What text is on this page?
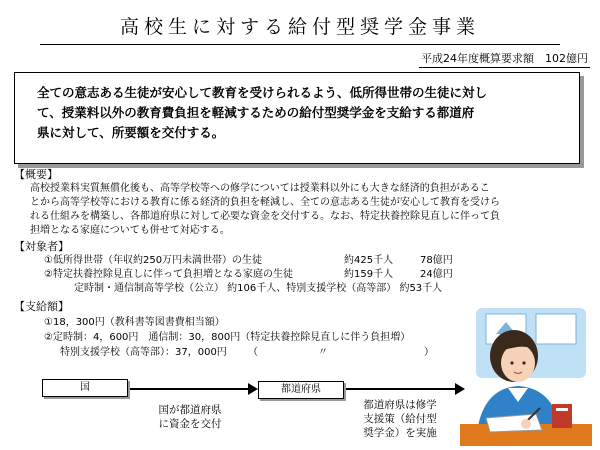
高校生に対する給付型奨学金事業
平成24年度概算要求額　102億円
全ての意志ある生徒が安心して教育を受けられるよう、低所得世帯の生徒に対し
て、授業料以外の教育費負担を軽減するための給付型奨学金を支給する都道府
県に対して、所要額を交付する。
【概要】
高校授業料実質無償化後も、高等学校等への修学については授業料以外にも大きな経済的負担があるこ
とから高等学校等における教育に係る経済的負担を軽減し、全ての意志ある生徒が安心して教育を受けら
れる仕組みを構築し、各都道府県に対して必要な資金を交付する。なお、特定扶養控除見直しに伴って負
担増となる家庭についても併せて対応する。
【対象者】
①低所得世帯（年収約250万円未満世帯）の生徒	約425千人	78億円
②特定扶養控除見直しに伴って負担増となる家庭の生徒	約159千人	24億円
定時制・通信制高等学校（公立） 約106千人、特別支援学校（高等部） 約53千人
【支給額】
①18，300円（教科書等図書費相当額）
②定時制：4，600円　通信制：30，800円（特定扶養控除見直しに伴う負担増）
特別支援学校（高等部）：37，000円 （	〃	）
国	都道府県
国が都道府県
に資金を交付
都道府県は修学
支援策（給付型
奨学金）を実施
